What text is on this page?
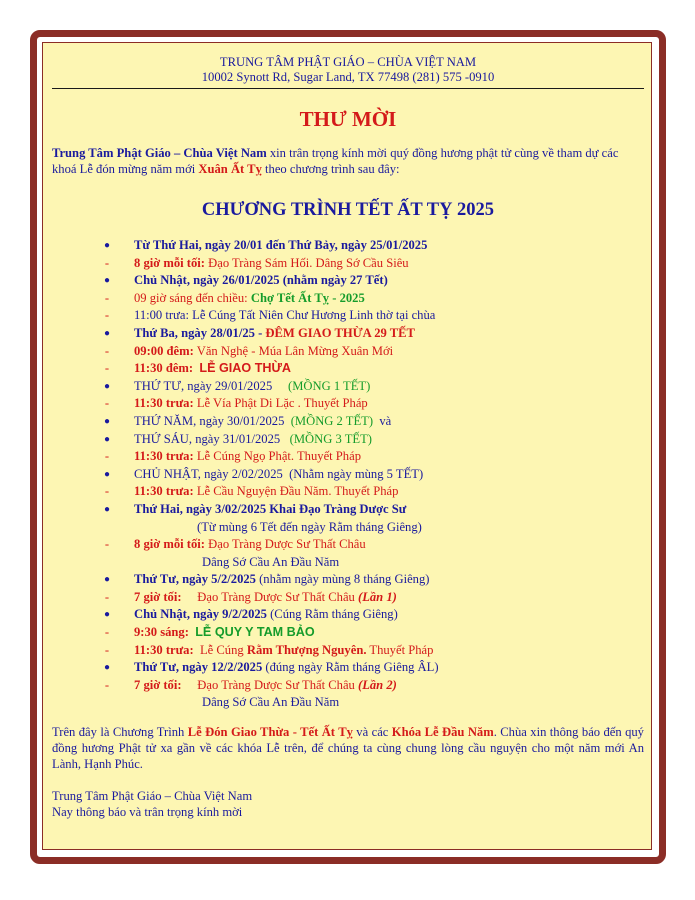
TRUNG TÂM PHẬT GIÁO – CHÙA VIỆT NAM
10002 Synott Rd, Sugar Land, TX 77498 (281) 575 -0910
THƯ MỜI
Trung Tâm Phật Giáo – Chùa Việt Nam xin trân trọng kính mời quý đồng hương phật tử cùng về tham dự các khoá Lễ đón mừng năm mới Xuân Ất Tỵ theo chương trình sau đây:
CHƯƠNG TRÌNH TẾT ẤT TỴ 2025
●	Từ Thứ Hai, ngày 20/01 đến Thứ Bảy, ngày 25/01/2025
-	8 giờ mỗi tối: Đạo Tràng Sám Hối. Dâng Sớ Cầu Siêu
●	Chủ Nhật, ngày 26/01/2025 (nhằm ngày 27 Tết)
-	09 giờ sáng đến chiều: Chợ Tết Ất Tỵ - 2025
-	11:00 trưa: Lễ Cúng Tất Niên Chư Hương Linh thờ tại chùa
●	Thứ Ba, ngày 28/01/25 - ĐÊM GIAO THỪA 29 TẾT
-	09:00 đêm: Văn Nghệ - Múa Lân Mừng Xuân Mới
-	11:30 đêm: LỄ GIAO THỪA
●	THỨ TƯ, ngày 29/01/2025 (MỒNG 1 TẾT)
-	11:30 trưa: Lễ Vía Phật Di Lặc . Thuyết Pháp
●	THỨ NĂM, ngày 30/01/2025 (MỒNG 2 TẾT) và
●	THỨ SÁU, ngày 31/01/2025 (MỒNG 3 TẾT)
-	11:30 trưa: Lễ Cúng Ngọ Phật. Thuyết Pháp
●	CHỦ NHẬT, ngày 2/02/2025 (Nhằm ngày mùng 5 TẾT)
-	11:30 trưa: Lễ Cầu Nguyện Đầu Năm. Thuyết Pháp
●	Thứ Hai, ngày 3/02/2025 Khai Đạo Tràng Dược Sư
(Từ mùng 6 Tết đến ngày Rằm tháng Giêng)
-	8 giờ mỗi tối: Đạo Tràng Dược Sư Thất Châu
Dâng Sớ Cầu An Đầu Năm
●	Thứ Tư, ngày 5/2/2025 (nhằm ngày mùng 8 tháng Giêng)
-	7 giờ tối:     Đạo Tràng Dược Sư Thất Châu (Lần 1)
●	Chủ Nhật, ngày 9/2/2025 (Cúng Rằm tháng Giêng)
-	9:30 sáng: LỄ QUY Y TAM BẢO
-	11:30 trưa:  Lễ Cúng Rằm Thượng Nguyên. Thuyết Pháp
●	Thứ Tư, ngày 12/2/2025 (đúng ngày Rằm tháng Giêng ÂL)
-	7 giờ tối:     Đạo Tràng Dược Sư Thất Châu (Lần 2)
Dâng Sớ Cầu An Đầu Năm
Trên đây là Chương Trình Lễ Đón Giao Thừa - Tết Ất Tỵ và các Khóa Lễ Đầu Năm. Chùa xin thông báo đến quý đồng hương Phật tử xa gần về các khóa Lễ trên, để chúng ta cùng chung lòng cầu nguyện cho một năm mới An Lành, Hạnh Phúc.
Trung Tâm Phật Giáo – Chùa Việt Nam
Nay thông báo và trân trọng kính mời
